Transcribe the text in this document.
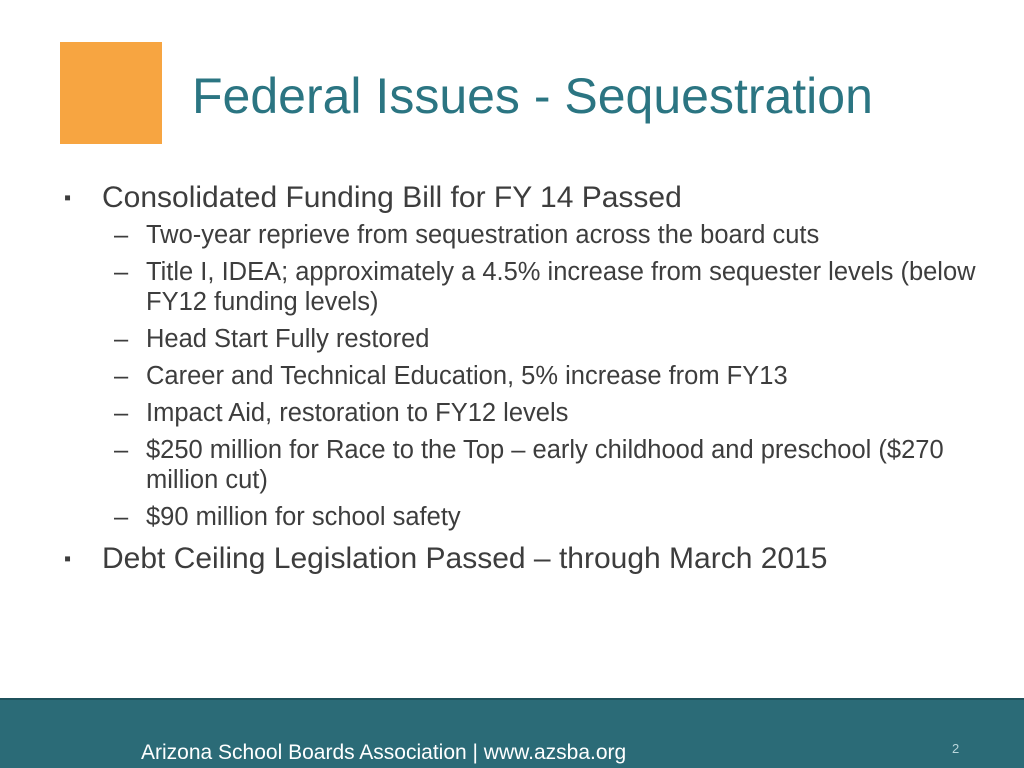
Federal Issues - Sequestration
▪ Consolidated Funding Bill for FY 14 Passed
– Two-year reprieve from sequestration across the board cuts
– Title I, IDEA; approximately a 4.5% increase from sequester levels (below FY12 funding levels)
– Head Start Fully restored
– Career and Technical Education, 5% increase from FY13
– Impact Aid, restoration to FY12 levels
– $250 million for Race to the Top – early childhood and preschool ($270 million cut)
– $90 million for school safety
▪ Debt Ceiling Legislation Passed – through March 2015
Arizona School Boards Association | www.azsba.org	2
